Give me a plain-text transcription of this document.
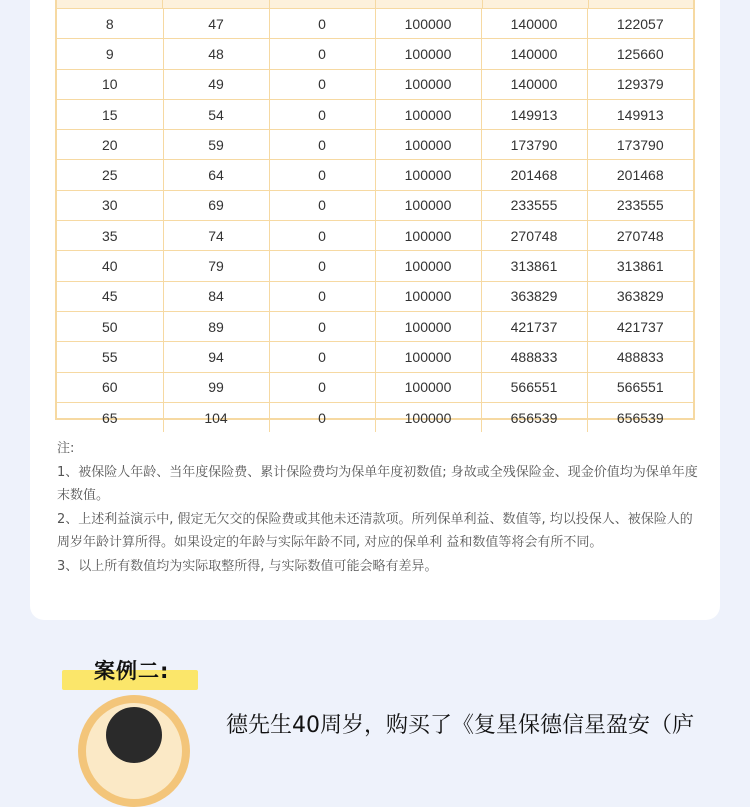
8	47	0	100000	140000	122057
9	48	0	100000	140000	125660
10	49	0	100000	140000	129379
15	54	0	100000	149913	149913
20	59	0	100000	173790	173790
25	64	0	100000	201468	201468
30	69	0	100000	233555	233555
35	74	0	100000	270748	270748
40	79	0	100000	313861	313861
45	84	0	100000	363829	363829
50	89	0	100000	421737	421737
55	94	0	100000	488833	488833
60	99	0	100000	566551	566551
65	104	0	100000	656539	656539

注:

1、被保险人年龄、当年度保险费、累计保险费均为保单年度初数值; 身故或全残保险金、现金价值均为保单年度末数值。

2、上述利益演示中, 假定无欠交的保险费或其他未还清款项。所列保单利益、数值等, 均以投保人、被保险人的周岁年龄计算所得。如果设定的年龄与实际年龄不同, 对应的保单利 益和数值等将会有所不同。

3、以上所有数值均为实际取整所得, 与实际数值可能会略有差异。

案例二:
德先生40周岁，购买了《复星保德信星盈安（庐
